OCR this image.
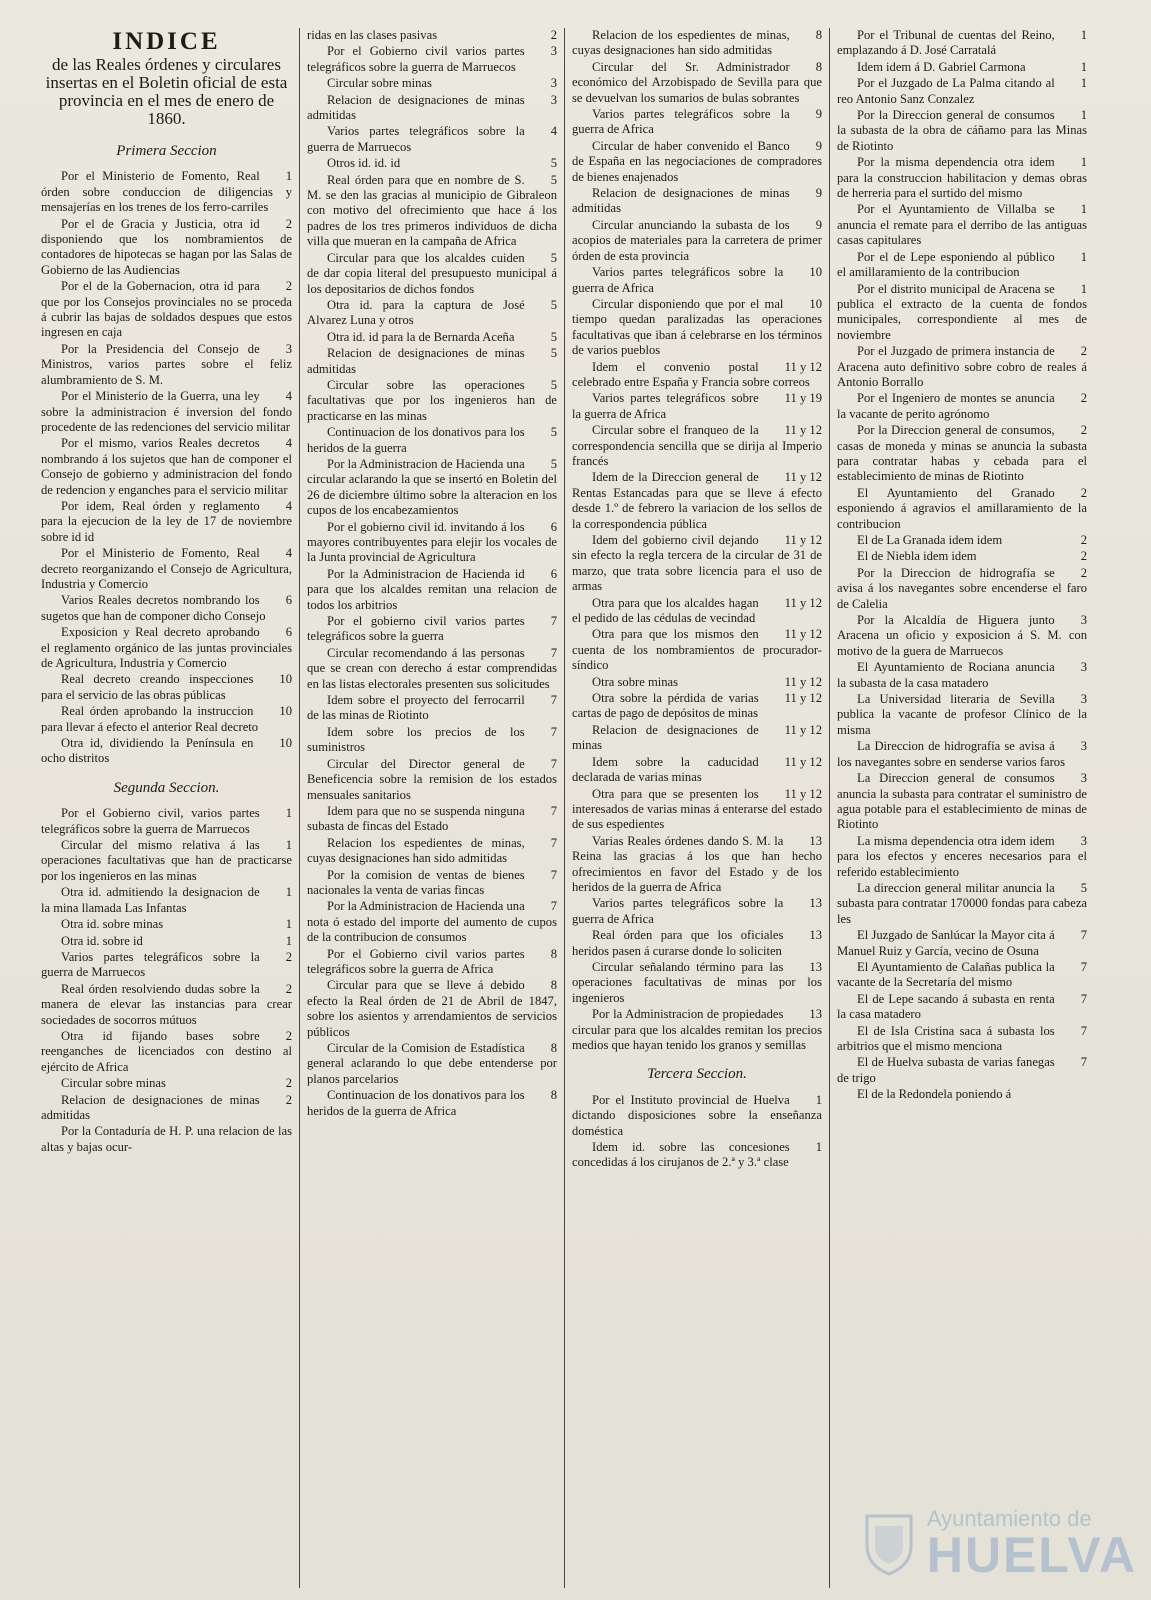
INDICE
de las Reales órdenes y circulares insertas en el Boletin oficial de esta provincia en el mes de enero de 1860.
Primera Seccion
1
Por el Ministerio de Fomento, Real órden sobre conduccion de diligencias y mensajerías en los trenes de los ferro-carriles
2
Por el de Gracia y Justicia, otra id disponiendo que los nombramientos de contadores de hipotecas se hagan por las Salas de Gobierno de las Audiencias
2
Por el de la Gobernacion, otra id para que por los Consejos provinciales no se proceda á cubrir las bajas de soldados despues que estos ingresen en caja
3
Por la Presidencia del Consejo de Ministros, varios partes sobre el feliz alumbramiento de S. M.
4
Por el Ministerio de la Guerra, una ley sobre la administracion é inversion del fondo procedente de las redenciones del servicio militar
4
Por el mismo, varios Reales decretos nombrando á los sujetos que han de componer el Consejo de gobierno y administracion del fondo de redencion y enganches para el servicio militar
4
Por idem, Real órden y reglamento para la ejecucion de la ley de 17 de noviembre sobre id id
4
Por el Ministerio de Fomento, Real decreto reorganizando el Consejo de Agricultura, Industria y Comercio
6
Varios Reales decretos nombrando los sugetos que han de componer dicho Consejo
6
Exposicion y Real decreto aprobando el reglamento orgánico de las juntas provinciales de Agricultura, Industria y Comercio
10
Real decreto creando inspecciones para el servicio de las obras públicas
10
Real órden aprobando la instruccion para llevar á efecto el anterior Real decreto
10
Otra id, dividiendo la Península en ocho distritos
Segunda Seccion.
1
Por el Gobierno civil, varios partes telegráficos sobre la guerra de Marruecos
1
Circular del mismo relativa á las operaciones facultativas que han de practicarse por los ingenieros en las minas
1
Otra id. admitiendo la designacion de la mina llamada Las Infantas
1
Otra id. sobre minas
1
Otra id. sobre id
2
Varios partes telegráficos sobre la guerra de Marruecos
2
Real órden resolviendo dudas sobre la manera de elevar las instancias para crear sociedades de socorros mútuos
2
Otra id fijando bases sobre reenganches de licenciados con destino al ejército de Africa
2
Circular sobre minas
2
Relacion de designaciones de minas admitidas
Por la Contaduría de H. P. una relacion de las altas y bajas ocur-
2
ridas en las clases pasivas
3
Por el Gobierno civil varios partes telegráficos sobre la guerra de Marruecos
3
Circular sobre minas
3
Relacion de designaciones de minas admitidas
4
Varios partes telegráficos sobre la guerra de Marruecos
5
Otros id. id. id
5
Real órden para que en nombre de S. M. se den las gracias al municipio de Gibraleon con motivo del ofrecimiento que hace á los padres de los tres primeros individuos de dicha villa que mueran en la campaña de Africa
5
Circular para que los alcaldes cuiden de dar copia literal del presupuesto municipal á los depositarios de dichos fondos
5
Otra id. para la captura de José Alvarez Luna y otros
5
Otra id. id para la de Bernarda Aceña
5
Relacion de designaciones de minas admitidas
5
Circular sobre las operaciones facultativas que por los ingenieros han de practicarse en las minas
5
Continuacion de los donativos para los heridos de la guerra
5
Por la Administracion de Hacienda una circular aclarando la que se insertó en Boletin del 26 de diciembre último sobre la alteracion en los cupos de los encabezamientos
6
Por el gobierno civil id. invitando á los mayores contribuyentes para elejir los vocales de la Junta provincial de Agricultura
6
Por la Administracion de Hacienda id para que los alcaldes remitan una relacion de todos los arbitrios
7
Por el gobierno civil varios partes telegráficos sobre la guerra
7
Circular recomendando á las personas que se crean con derecho á estar comprendidas en las listas electorales presenten sus solicitudes
7
Idem sobre el proyecto del ferrocarril de las minas de Riotinto
7
Idem sobre los precios de los suministros
7
Circular del Director general de Beneficencia sobre la remision de los estados mensuales sanitarios
7
Idem para que no se suspenda ninguna subasta de fincas del Estado
7
Relacion los espedientes de minas, cuyas designaciones han sido admitidas
7
Por la comision de ventas de bienes nacionales la venta de varias fincas
7
Por la Administracion de Hacienda una nota ó estado del importe del aumento de cupos de la contribucion de consumos
8
Por el Gobierno civil varios partes telegráficos sobre la guerra de Africa
8
Circular para que se lleve á debido efecto la Real órden de 21 de Abril de 1847, sobre los asientos y arrendamientos de servicios públicos
8
Circular de la Comision de Estadística general aclarando lo que debe entenderse por planos parcelarios
8
Continuacion de los donativos para los heridos de la guerra de Africa
8
Relacion de los espedientes de minas, cuyas designaciones han sido admitidas
8
Circular del Sr. Administrador económico del Arzobispado de Sevilla para que se devuelvan los sumarios de bulas sobrantes
9
Varios partes telegráficos sobre la guerra de Africa
9
Circular de haber convenido el Banco de España en las negociaciones de compradores de bienes enajenados
9
Relacion de designaciones de minas admitidas
9
Circular anunciando la subasta de los acopios de materiales para la carretera de primer órden de esta provincia
10
Varios partes telegráficos sobre la guerra de Africa
10
Circular disponiendo que por el mal tiempo quedan paralizadas las operaciones facultativas que iban á celebrarse en los términos de varios pueblos
11 y 12
Idem el convenio postal celebrado entre España y Francia sobre correos
11 y 19
Varios partes telegráficos sobre la guerra de Africa
11 y 12
Circular sobre el franqueo de la correspondencia sencilla que se dirija al Imperio francés
11 y 12
Idem de la Direccion general de Rentas Estancadas para que se lleve á efecto desde 1.º de febrero la variacion de los sellos de la correspondencia pública
11 y 12
Idem del gobierno civil dejando sin efecto la regla tercera de la circular de 31 de marzo, que trata sobre licencia para el uso de armas
11 y 12
Otra para que los alcaldes hagan el pedido de las cédulas de vecindad
11 y 12
Otra para que los mismos den cuenta de los nombramientos de procurador-síndico
11 y 12
Otra sobre minas
11 y 12
Otra sobre la pérdida de varias cartas de pago de depósitos de minas
11 y 12
Relacion de designaciones de minas
11 y 12
Idem sobre la caducidad declarada de varias minas
11 y 12
Otra para que se presenten los interesados de varias minas á enterarse del estado de sus espedientes
13
Varias Reales órdenes dando S. M. la Reina las gracias á los que han hecho ofrecimientos en favor del Estado y de los heridos de la guerra de Africa
13
Varios partes telegráficos sobre la guerra de Africa
13
Real órden para que los oficiales heridos pasen á curarse donde lo soliciten
13
Circular señalando término para las operaciones facultativas de minas por los ingenieros
13
Por la Administracion de propiedades circular para que los alcaldes remitan los precios medios que hayan tenido los granos y semillas
Tercera Seccion.
1
Por el Instituto provincial de Huelva dictando disposiciones sobre la enseñanza doméstica
1
Idem id. sobre las concesiones concedidas á los cirujanos de 2.ª y 3.ª clase
1
Por el Tribunal de cuentas del Reino, emplazando á D. José Carratalá
1
Idem idem á D. Gabriel Carmona
1
Por el Juzgado de La Palma citando al reo Antonio Sanz Conzalez
1
Por la Direccion general de consumos la subasta de la obra de cáñamo para las Minas de Riotinto
1
Por la misma dependencia otra idem para la construccion habilitacion y demas obras de herreria para el surtido del mismo
1
Por el Ayuntamiento de Villalba se anuncia el remate para el derribo de las antiguas casas capitulares
1
Por el de Lepe esponiendo al público el amillaramiento de la contribucion
1
Por el distrito municipal de Aracena se publica el extracto de la cuenta de fondos municipales, correspondiente al mes de noviembre
2
Por el Juzgado de primera instancia de Aracena auto definitivo sobre cobro de reales á Antonio Borrallo
2
Por el Ingeniero de montes se anuncia la vacante de perito agrónomo
2
Por la Direccion general de consumos, casas de moneda y minas se anuncia la subasta para contratar habas y cebada para el establecimiento de minas de Riotinto
2
El Ayuntamiento del Granado esponiendo á agravios el amillaramiento de la contribucion
2
El de La Granada idem idem
2
El de Niebla idem idem
2
Por la Direccion de hidrografía se avisa á los navegantes sobre encenderse el faro de Calelia
3
Por la Alcaldía de Higuera junto Aracena un oficio y exposicion á S. M. con motivo de la guera de Marruecos
3
El Ayuntamiento de Rociana anuncia la subasta de la casa matadero
3
La Universidad literaria de Sevilla publica la vacante de profesor Clínico de la misma
3
La Direccion de hidrografía se avisa á los navegantes sobre en senderse varios faros
3
La Direccion general de consumos anuncia la subasta para contratar el suministro de agua potable para el establecimiento de minas de Riotinto
3
La misma dependencia otra idem idem para los efectos y enceres necesarios para el referido establecimiento
5
La direccion general militar anuncia la subasta para contratar 170000 fondas para cabeza les
7
El Juzgado de Sanlúcar la Mayor cita á Manuel Ruiz y García, vecino de Osuna
7
El Ayuntamiento de Calañas publica la vacante de la Secretaría del mismo
7
El de Lepe sacando á subasta en renta la casa matadero
7
El de Isla Cristina saca á subasta los arbitrios que el mismo menciona
7
El de Huelva subasta de varias fanegas de trigo
El de la Redondela poniendo á
Ayuntamiento de
HUELVA
